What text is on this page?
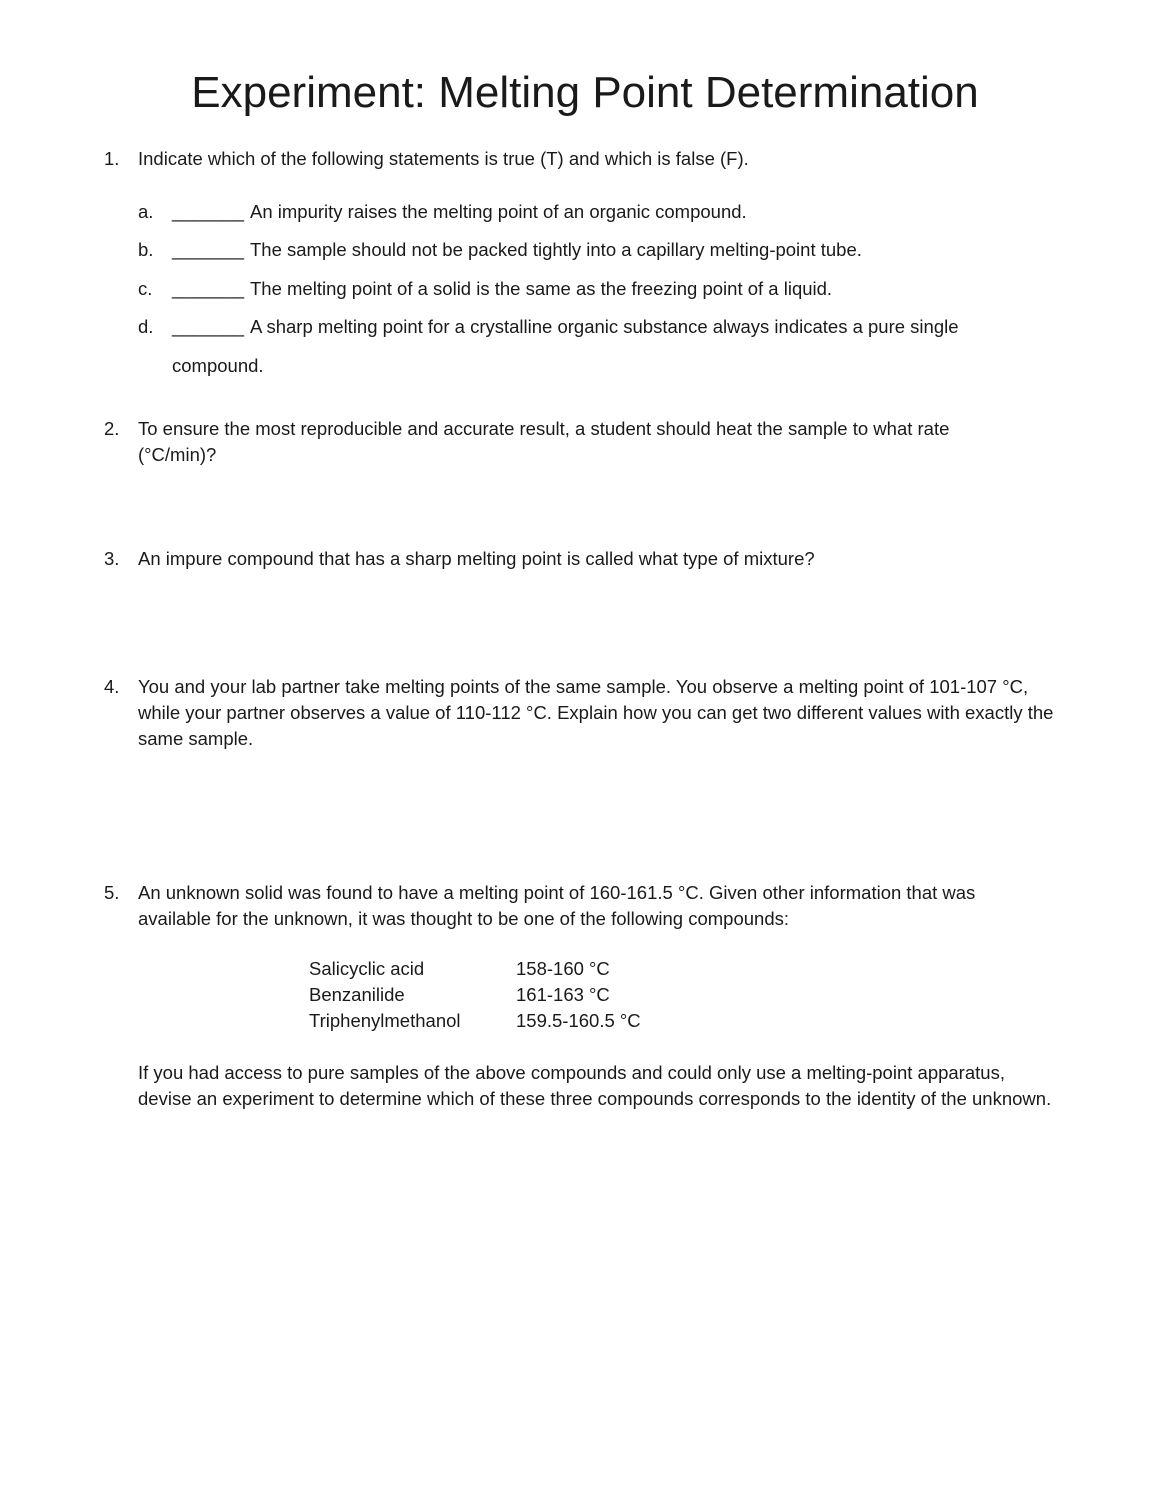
Experiment: Melting Point Determination
1. Indicate which of the following statements is true (T) and which is false (F).
a. _______ An impurity raises the melting point of an organic compound.
b. _______ The sample should not be packed tightly into a capillary melting-point tube.
c. _______ The melting point of a solid is the same as the freezing point of a liquid.
d. _______ A sharp melting point for a crystalline organic substance always indicates a pure single
compound.
2. To ensure the most reproducible and accurate result, a student should heat the sample to what rate (°C/min)?
3. An impure compound that has a sharp melting point is called what type of mixture?
4. You and your lab partner take melting points of the same sample. You observe a melting point of 101-107 °C, while your partner observes a value of 110-112 °C. Explain how you can get two different values with exactly the same sample.
5. An unknown solid was found to have a melting point of 160-161.5 °C. Given other information that was available for the unknown, it was thought to be one of the following compounds:
Salicyclic acid	158-160 °C
Benzanilide	161-163 °C
Triphenylmethanol	159.5-160.5 °C
If you had access to pure samples of the above compounds and could only use a melting-point apparatus, devise an experiment to determine which of these three compounds corresponds to the identity of the unknown.
